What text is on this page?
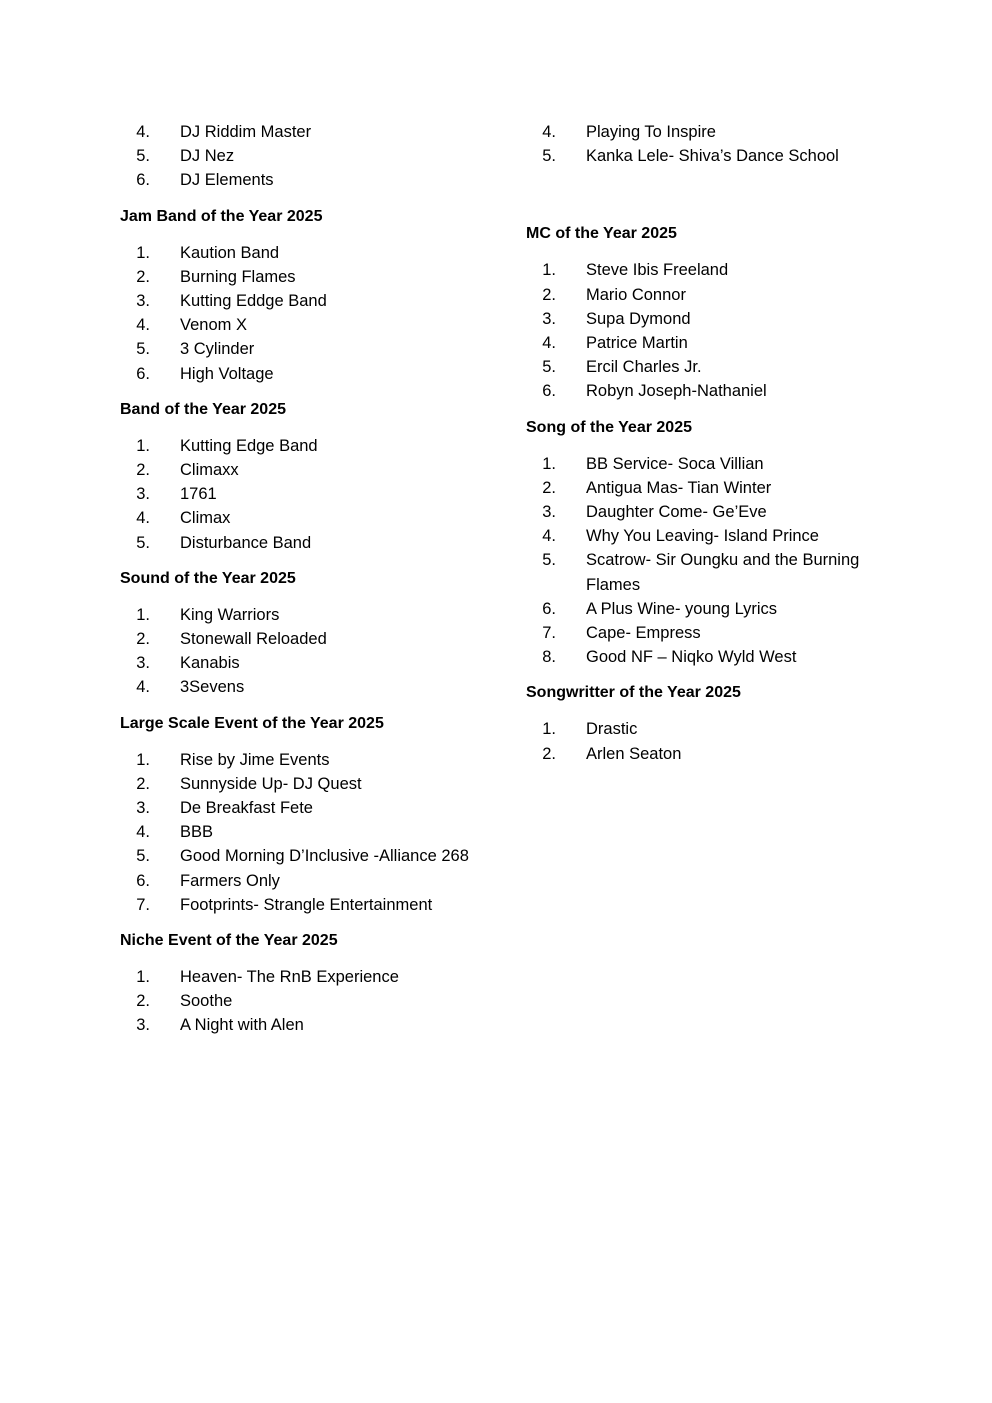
4. DJ Riddim Master
5. DJ Nez
6. DJ Elements
Jam Band of the Year 2025
1. Kaution Band
2. Burning Flames
3. Kutting Eddge Band
4. Venom X
5. 3 Cylinder
6. High Voltage
Band of the Year 2025
1. Kutting Edge Band
2. Climaxx
3. 1761
4. Climax
5. Disturbance Band
Sound of the Year 2025
1. King Warriors
2. Stonewall Reloaded
3. Kanabis
4. 3Sevens
Large Scale Event of the Year 2025
1. Rise by Jime Events
2. Sunnyside Up- DJ Quest
3. De Breakfast Fete
4. BBB
5. Good Morning D’Inclusive -Alliance 268
6. Farmers Only
7. Footprints- Strangle Entertainment
Niche Event of the Year 2025
1. Heaven- The RnB Experience
2. Soothe
3. A Night with Alen
4. Playing To Inspire
5. Kanka Lele- Shiva’s Dance School
MC of the Year 2025
1. Steve Ibis Freeland
2. Mario Connor
3. Supa Dymond
4. Patrice Martin
5. Ercil Charles Jr.
6. Robyn Joseph-Nathaniel
Song of the Year 2025
1. BB Service- Soca Villian
2. Antigua Mas- Tian Winter
3. Daughter Come- Ge’Eve
4. Why You Leaving- Island Prince
5. Scatrow- Sir Oungku and the Burning Flames
6. A Plus Wine- young Lyrics
7. Cape- Empress
8. Good NF – Niqko Wyld West
Songwritter of the Year 2025
1. Drastic
2. Arlen Seaton
